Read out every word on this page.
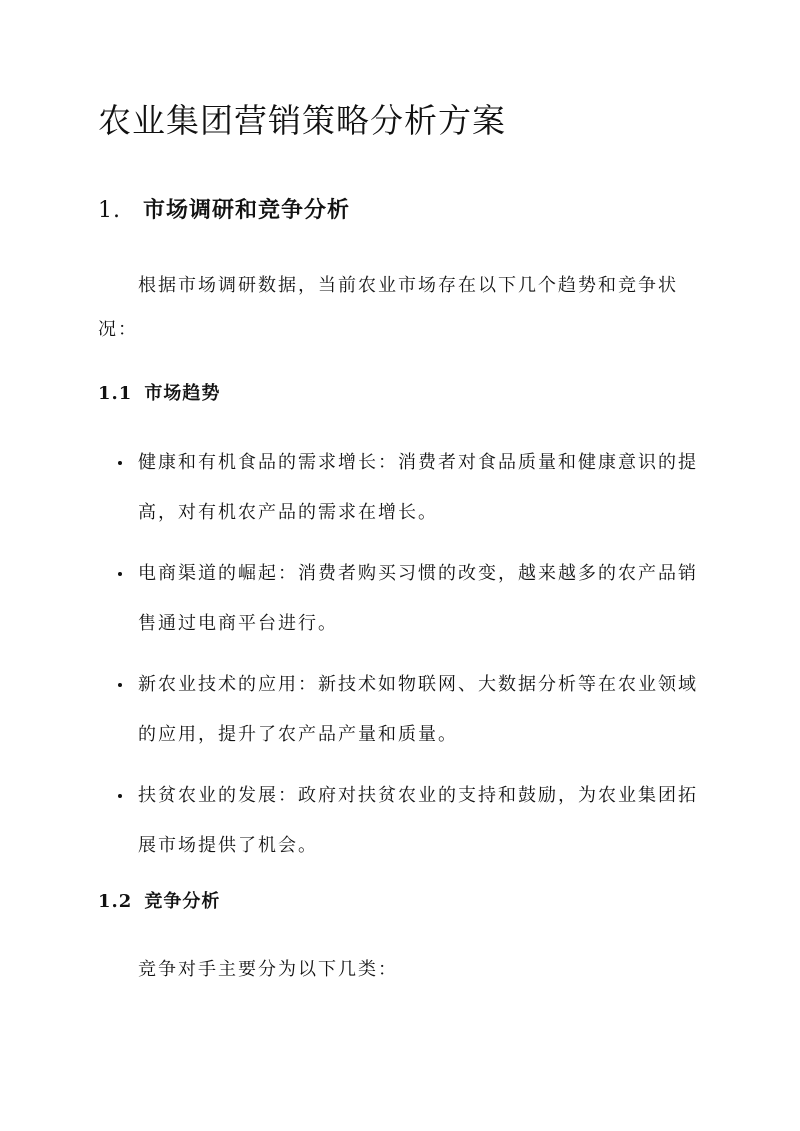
农业集团营销策略分析方案
1. 市场调研和竞争分析

根据市场调研数据，当前农业市场存在以下几个趋势和竞争状况：

1.1 市场趋势
健康和有机食品的需求增长：消费者对食品质量和健康意识的提高，对有机农产品的需求在增长。
电商渠道的崛起：消费者购买习惯的改变，越来越多的农产品销售通过电商平台进行。
新农业技术的应用：新技术如物联网、大数据分析等在农业领域的应用，提升了农产品产量和质量。
扶贫农业的发展：政府对扶贫农业的支持和鼓励，为农业集团拓展市场提供了机会。
1.2 竞争分析

竞争对手主要分为以下几类：
